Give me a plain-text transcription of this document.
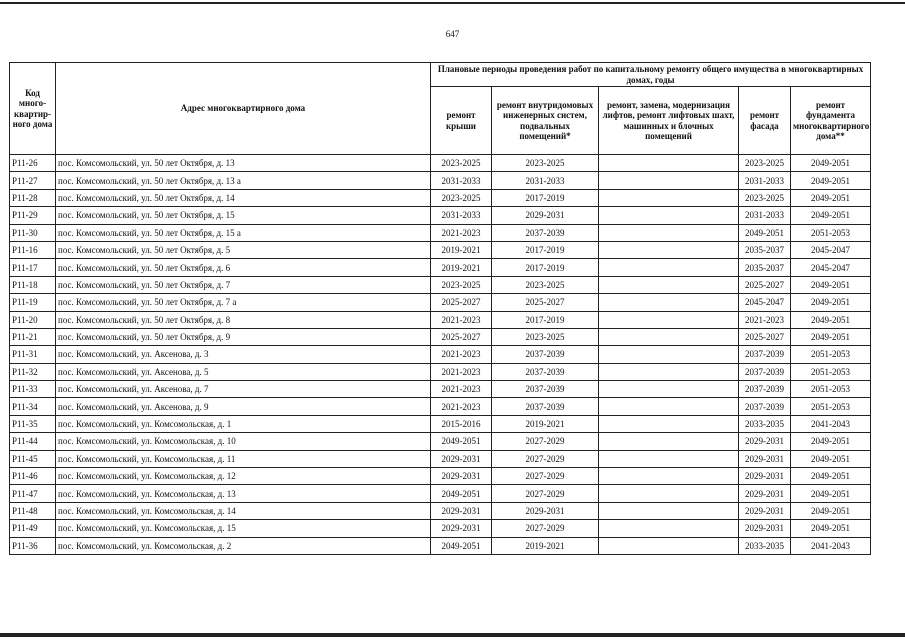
647
Код много-квартир-ного дома	Адрес многоквартирного дома	Плановые периоды проведения работ по капитальному ремонту общего имущества в многоквартирных домах, годы				
		ремонт крыши	ремонт внутридомовых инженерных систем, подвальных помещений*	ремонт, замена, модернизация лифтов, ремонт лифтовых шахт, машинных и блочных помещений	ремонт фасада	ремонт фундамента многоквартирного дома**
Р11-26	пос. Комсомольский, ул. 50 лет Октября, д. 13	2023-2025	2023-2025		2023-2025	2049-2051
Р11-27	пос. Комсомольский, ул. 50 лет Октября, д. 13 а	2031-2033	2031-2033		2031-2033	2049-2051
Р11-28	пос. Комсомольский, ул. 50 лет Октября, д. 14	2023-2025	2017-2019		2023-2025	2049-2051
Р11-29	пос. Комсомольский, ул. 50 лет Октября, д. 15	2031-2033	2029-2031		2031-2033	2049-2051
Р11-30	пос. Комсомольский, ул. 50 лет Октября, д. 15 а	2021-2023	2037-2039		2049-2051	2051-2053
Р11-16	пос. Комсомольский, ул. 50 лет Октября, д. 5	2019-2021	2017-2019		2035-2037	2045-2047
Р11-17	пос. Комсомольский, ул. 50 лет Октября, д. 6	2019-2021	2017-2019		2035-2037	2045-2047
Р11-18	пос. Комсомольский, ул. 50 лет Октября, д. 7	2023-2025	2023-2025		2025-2027	2049-2051
Р11-19	пос. Комсомольский, ул. 50 лет Октября, д. 7 а	2025-2027	2025-2027		2045-2047	2049-2051
Р11-20	пос. Комсомольский, ул. 50 лет Октября, д. 8	2021-2023	2017-2019		2021-2023	2049-2051
Р11-21	пос. Комсомольский, ул. 50 лет Октября, д. 9	2025-2027	2023-2025		2025-2027	2049-2051
Р11-31	пос. Комсомольский, ул. Аксенова, д. 3	2021-2023	2037-2039		2037-2039	2051-2053
Р11-32	пос. Комсомольский, ул. Аксенова, д. 5	2021-2023	2037-2039		2037-2039	2051-2053
Р11-33	пос. Комсомольский, ул. Аксенова, д. 7	2021-2023	2037-2039		2037-2039	2051-2053
Р11-34	пос. Комсомольский, ул. Аксенова, д. 9	2021-2023	2037-2039		2037-2039	2051-2053
Р11-35	пос. Комсомольский, ул. Комсомольская, д. 1	2015-2016	2019-2021		2033-2035	2041-2043
Р11-44	пос. Комсомольский, ул. Комсомольская, д. 10	2049-2051	2027-2029		2029-2031	2049-2051
Р11-45	пос. Комсомольский, ул. Комсомольская, д. 11	2029-2031	2027-2029		2029-2031	2049-2051
Р11-46	пос. Комсомольский, ул. Комсомольская, д. 12	2029-2031	2027-2029		2029-2031	2049-2051
Р11-47	пос. Комсомольский, ул. Комсомольская, д. 13	2049-2051	2027-2029		2029-2031	2049-2051
Р11-48	пос. Комсомольский, ул. Комсомольская, д. 14	2029-2031	2029-2031		2029-2031	2049-2051
Р11-49	пос. Комсомольский, ул. Комсомольская, д. 15	2029-2031	2027-2029		2029-2031	2049-2051
Р11-36	пос. Комсомольский, ул. Комсомольская, д. 2	2049-2051	2019-2021		2033-2035	2041-2043
